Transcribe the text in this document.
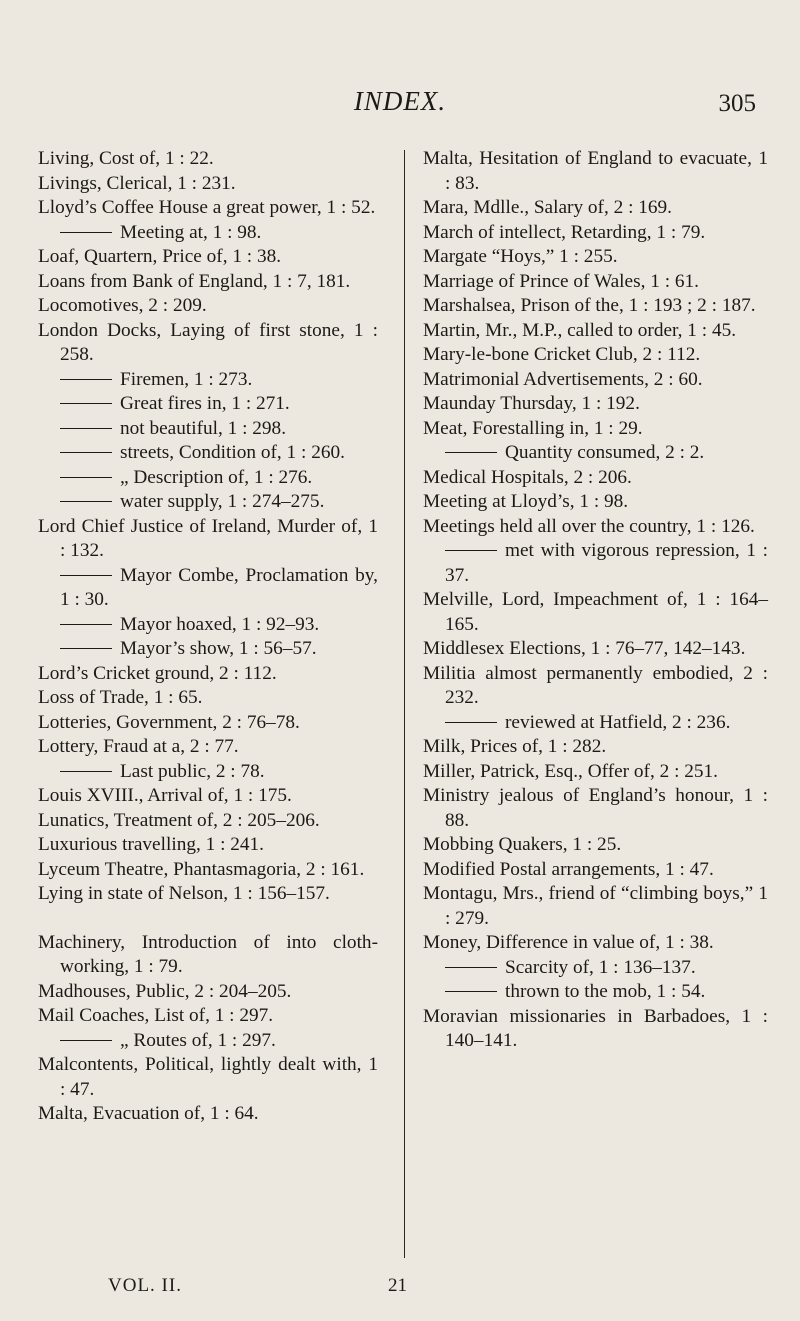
INDEX.	305
Living, Cost of, 1 : 22.
Livings, Clerical, 1 : 231.
Lloyd’s Coffee House a great power, 1 : 52.
Meeting at, 1 : 98.
Loaf, Quartern, Price of, 1 : 38.
Loans from Bank of England, 1 : 7, 181.
Locomotives, 2 : 209.
London Docks, Laying of first stone, 1 : 258.
Firemen, 1 : 273.
Great fires in, 1 : 271.
not beautiful, 1 : 298.
streets, Condition of, 1 : 260.
„ Description of, 1 : 276.
water supply, 1 : 274–275.
Lord Chief Justice of Ireland, Murder of, 1 : 132.
Mayor Combe, Proclamation by, 1 : 30.
Mayor hoaxed, 1 : 92–93.
Mayor’s show, 1 : 56–57.
Lord’s Cricket ground, 2 : 112.
Loss of Trade, 1 : 65.
Lotteries, Government, 2 : 76–78.
Lottery, Fraud at a, 2 : 77.
Last public, 2 : 78.
Louis XVIII., Arrival of, 1 : 175.
Lunatics, Treatment of, 2 : 205–206.
Luxurious travelling, 1 : 241.
Lyceum Theatre, Phantasmagoria, 2 : 161.
Lying in state of Nelson, 1 : 156–157.
Machinery, Introduction of into cloth-working, 1 : 79.
Madhouses, Public, 2 : 204–205.
Mail Coaches, List of, 1 : 297.
„ Routes of, 1 : 297.
Malcontents, Political, lightly dealt with, 1 : 47.
Malta, Evacuation of, 1 : 64.
Malta, Hesitation of England to evacuate, 1 : 83.
Mara, Mdlle., Salary of, 2 : 169.
March of intellect, Retarding, 1 : 79.
Margate “Hoys,” 1 : 255.
Marriage of Prince of Wales, 1 : 61.
Marshalsea, Prison of the, 1 : 193 ; 2 : 187.
Martin, Mr., M.P., called to order, 1 : 45.
Mary-le-bone Cricket Club, 2 : 112.
Matrimonial Advertisements, 2 : 60.
Maunday Thursday, 1 : 192.
Meat, Forestalling in, 1 : 29.
Quantity consumed, 2 : 2.
Medical Hospitals, 2 : 206.
Meeting at Lloyd’s, 1 : 98.
Meetings held all over the country, 1 : 126.
met with vigorous repression, 1 : 37.
Melville, Lord, Impeachment of, 1 : 164–165.
Middlesex Elections, 1 : 76–77, 142–143.
Militia almost permanently embodied, 2 : 232.
reviewed at Hatfield, 2 : 236.
Milk, Prices of, 1 : 282.
Miller, Patrick, Esq., Offer of, 2 : 251.
Ministry jealous of England’s honour, 1 : 88.
Mobbing Quakers, 1 : 25.
Modified Postal arrangements, 1 : 47.
Montagu, Mrs., friend of “climbing boys,” 1 : 279.
Money, Difference in value of, 1 : 38.
Scarcity of, 1 : 136–137.
thrown to the mob, 1 : 54.
Moravian missionaries in Barbadoes, 1 : 140–141.
VOL. II.	21
